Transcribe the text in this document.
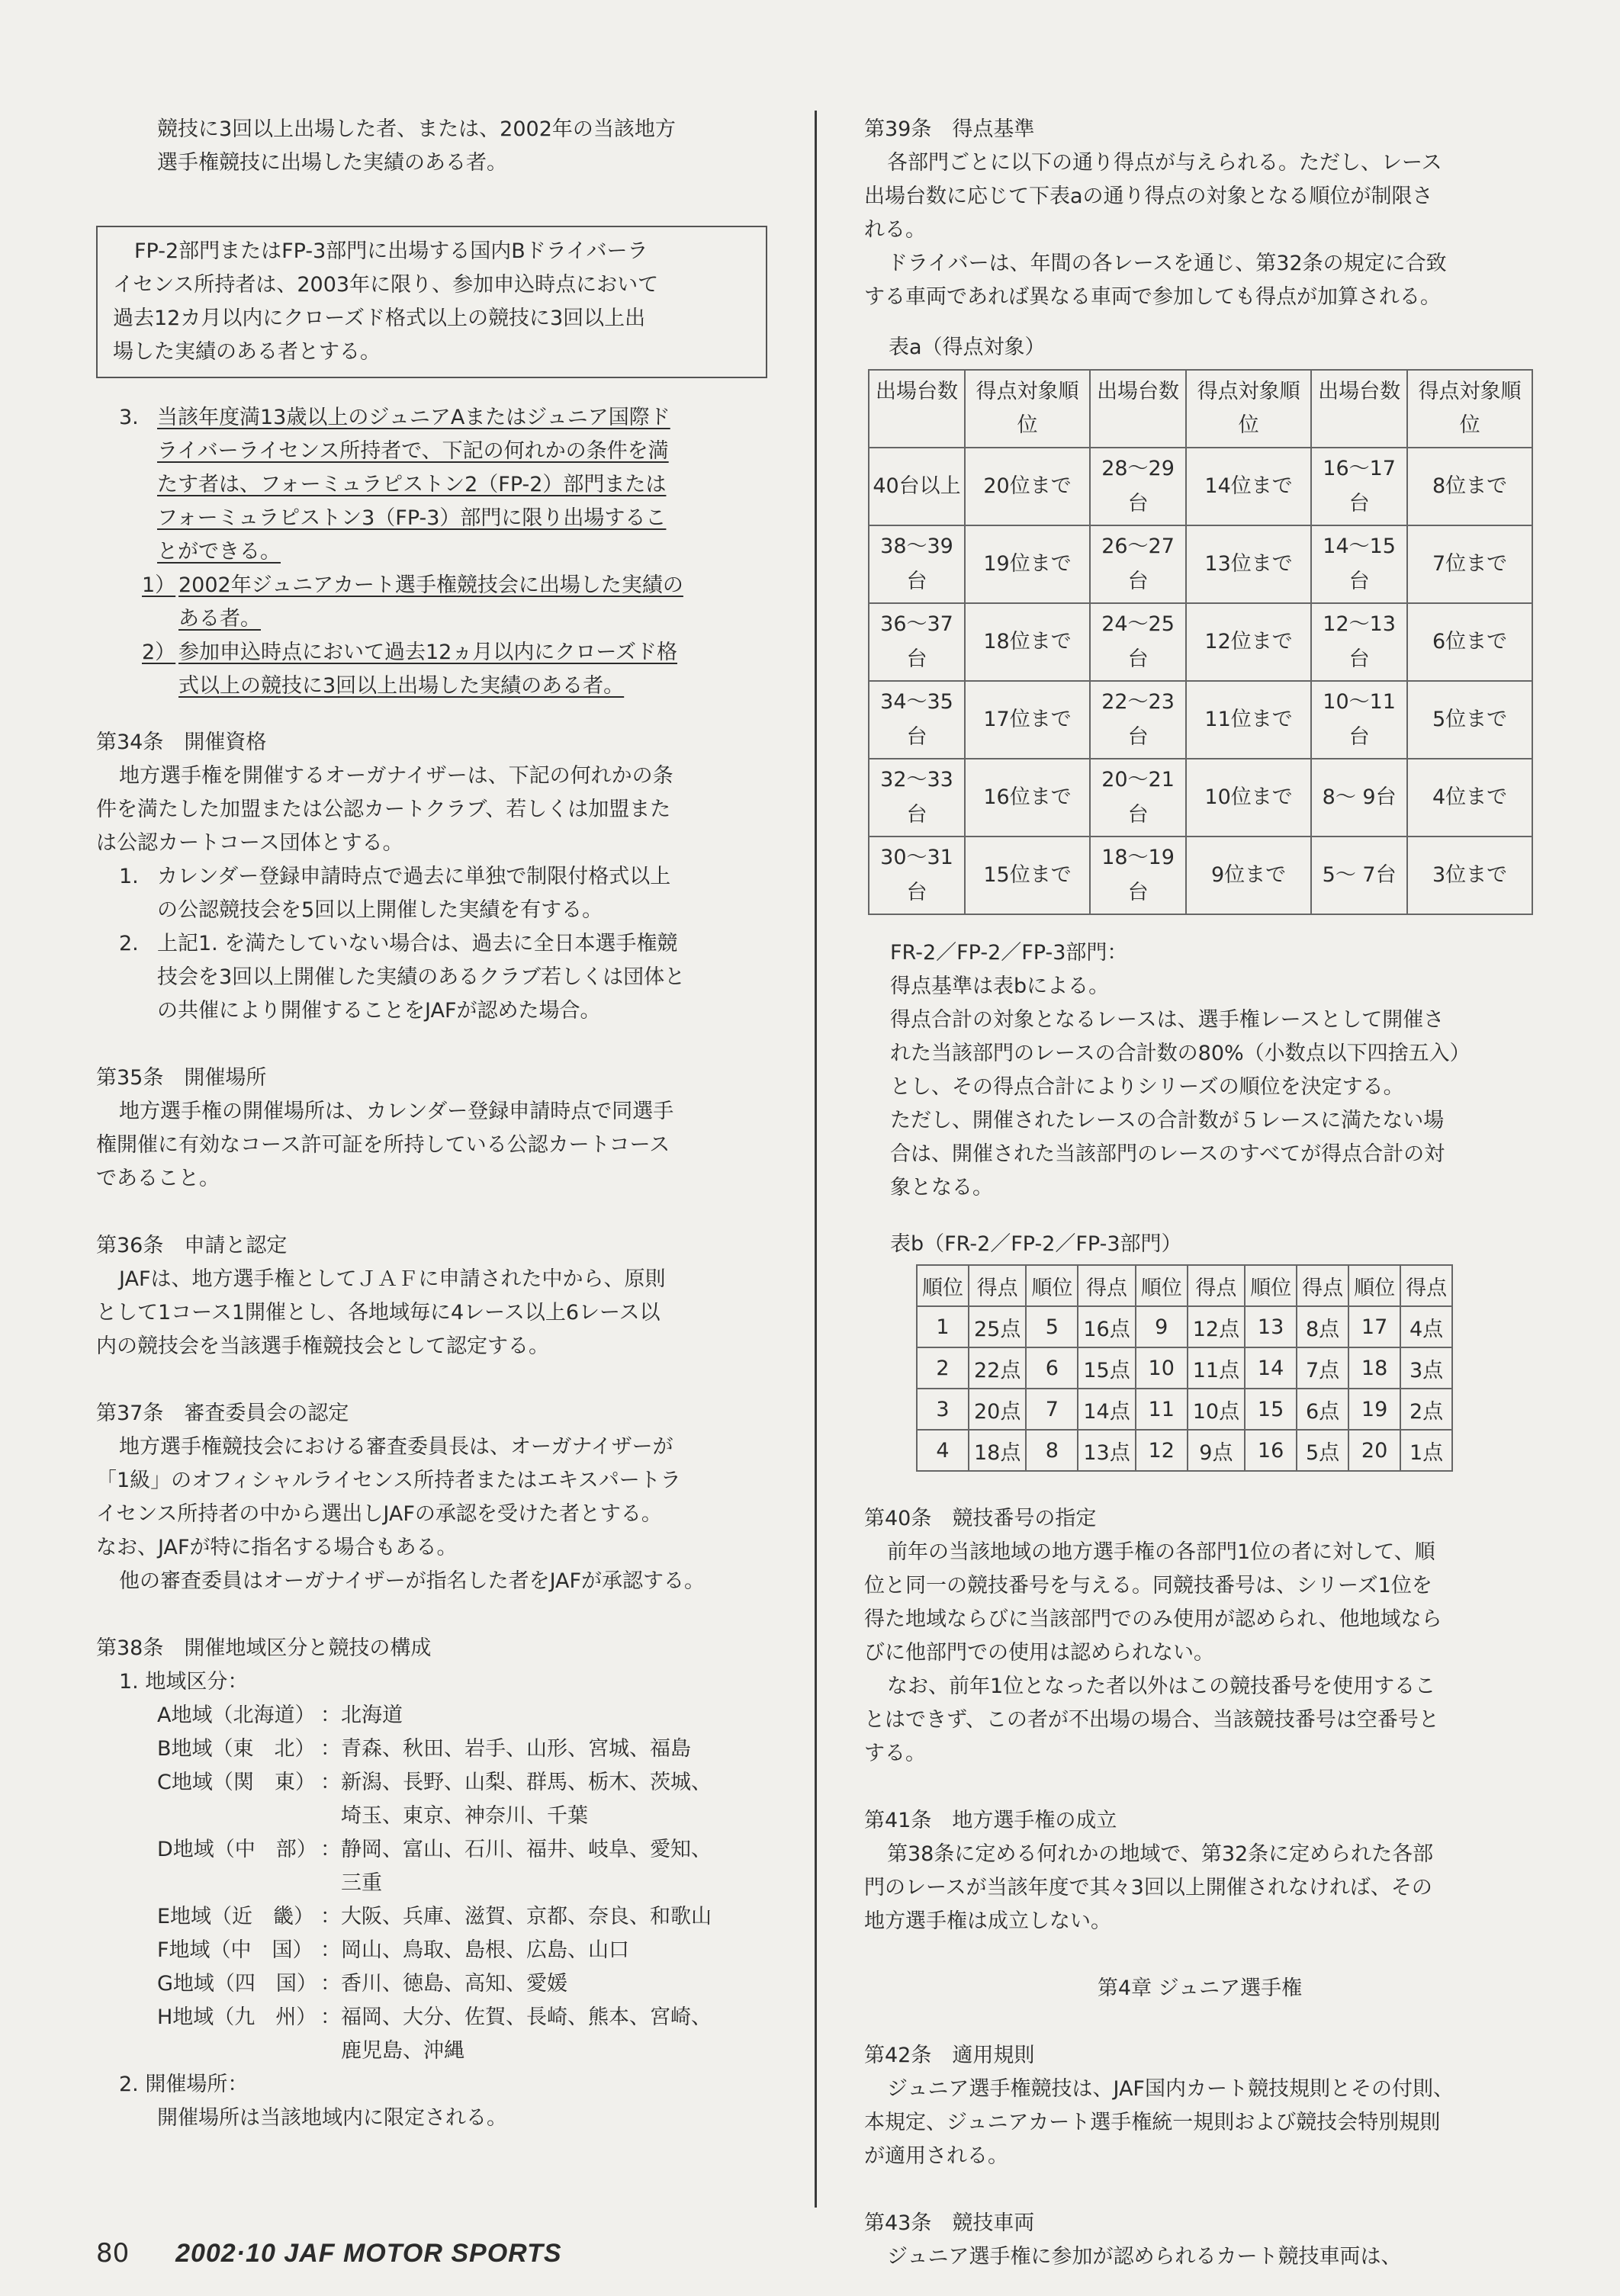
競技に3回以上出場した者、または、2002年の当該地方

選手権競技に出場した実績のある者。

FP-2部門またはFP-3部門に出場する国内Bドライバーラ

イセンス所持者は、2003年に限り、参加申込時点において

過去12カ月以内にクローズド格式以上の競技に3回以上出

場した実績のある者とする。

3. 当該年度満13歳以上のジュニアAまたはジュニア国際ド

ライバーライセンス所持者で、下記の何れかの条件を満

たす者は、フォーミュラピストン2（FP-2）部門または

フォーミュラピストン3（FP-3）部門に限り出場するこ

とができる。

1） 2002年ジュニアカート選手権競技会に出場した実績の

ある者。

2） 参加申込時点において過去12ヵ月以内にクローズド格

式以上の競技に3回以上出場した実績のある者。

第34条　開催資格

地方選手権を開催するオーガナイザーは、下記の何れかの条

件を満たした加盟または公認カートクラブ、若しくは加盟また

は公認カートコース団体とする。

1. カレンダー登録申請時点で過去に単独で制限付格式以上

の公認競技会を5回以上開催した実績を有する。

2. 上記1. を満たしていない場合は、過去に全日本選手権競

技会を3回以上開催した実績のあるクラブ若しくは団体と

の共催により開催することをJAFが認めた場合。

第35条　開催場所

地方選手権の開催場所は、カレンダー登録申請時点で同選手

権開催に有効なコース許可証を所持している公認カートコース

であること。

第36条　申請と認定

JAFは、地方選手権としてＪＡＦに申請された中から、原則

として1コース1開催とし、各地域毎に4レース以上6レース以

内の競技会を当該選手権競技会として認定する。

第37条　審査委員会の認定

地方選手権競技会における審査委員長は、オーガナイザーが

「1級」のオフィシャルライセンス所持者またはエキスパートラ

イセンス所持者の中から選出しJAFの承認を受けた者とする。

なお、JAFが特に指名する場合もある。

他の審査委員はオーガナイザーが指名した者をJAFが承認する。

第38条　開催地域区分と競技の構成

1. 地域区分：

A地域（北海道） ：北海道

B地域（東　北） ：青森、秋田、岩手、山形、宮城、福島

C地域（関　東） ：新潟、長野、山梨、群馬、栃木、茨城、

　埼玉、東京、神奈川、千葉

D地域（中　部） ：静岡、富山、石川、福井、岐阜、愛知、

　三重

E地域（近　畿） ：大阪、兵庫、滋賀、京都、奈良、和歌山

F地域（中　国） ：岡山、鳥取、島根、広島、山口

G地域（四　国） ：香川、徳島、高知、愛媛

H地域（九　州） ：福岡、大分、佐賀、長崎、熊本、宮崎、

　鹿児島、沖縄

2. 開催場所：

開催場所は当該地域内に限定される。

第39条　得点基準

各部門ごとに以下の通り得点が与えられる。ただし、レース

出場台数に応じて下表aの通り得点の対象となる順位が制限さ

れる。

ドライバーは、年間の各レースを通じ、第32条の規定に合致

する車両であれば異なる車両で参加しても得点が加算される。

表a（得点対象）

出場台数	得点対象順位	出場台数	得点対象順位	出場台数	得点対象順位
40台以上	20位まで	28～29台	14位まで	16～17台	8位まで
38～39台	19位まで	26～27台	13位まで	14～15台	7位まで
36～37台	18位まで	24～25台	12位まで	12～13台	6位まで
34～35台	17位まで	22～23台	11位まで	10～11台	5位まで
32～33台	16位まで	20～21台	10位まで	8～ 9台	4位まで
30～31台	15位まで	18～19台	9位まで	5～ 7台	3位まで

FR-2／FP-2／FP-3部門：

得点基準は表bによる。

得点合計の対象となるレースは、選手権レースとして開催さ

れた当該部門のレースの合計数の80%（小数点以下四捨五入）

とし、その得点合計によりシリーズの順位を決定する。

ただし、開催されたレースの合計数が５レースに満たない場

合は、開催された当該部門のレースのすべてが得点合計の対

象となる。

表b（FR-2／FP-2／FP-3部門）

順位	得点	順位	得点	順位	得点	順位	得点	順位	得点
1	25点	5	16点	9	12点	13	8点	17	4点
2	22点	6	15点	10	11点	14	7点	18	3点
3	20点	7	14点	11	10点	15	6点	19	2点
4	18点	8	13点	12	9点	16	5点	20	1点

第40条　競技番号の指定

前年の当該地域の地方選手権の各部門1位の者に対して、順

位と同一の競技番号を与える。同競技番号は、シリーズ1位を

得た地域ならびに当該部門でのみ使用が認められ、他地域なら

びに他部門での使用は認められない。

なお、前年1位となった者以外はこの競技番号を使用するこ

とはできず、この者が不出場の場合、当該競技番号は空番号と

する。

第41条　地方選手権の成立

第38条に定める何れかの地域で、第32条に定められた各部

門のレースが当該年度で其々3回以上開催されなければ、その

地方選手権は成立しない。

第4章 ジュニア選手権

第42条　適用規則

ジュニア選手権競技は、JAF国内カート競技規則とその付則、

本規定、ジュニアカート選手権統一規則および競技会特別規則

が適用される。

第43条　競技車両

ジュニア選手権に参加が認められるカート競技車両は、

80 2002·10 JAF MOTOR SPORTS
